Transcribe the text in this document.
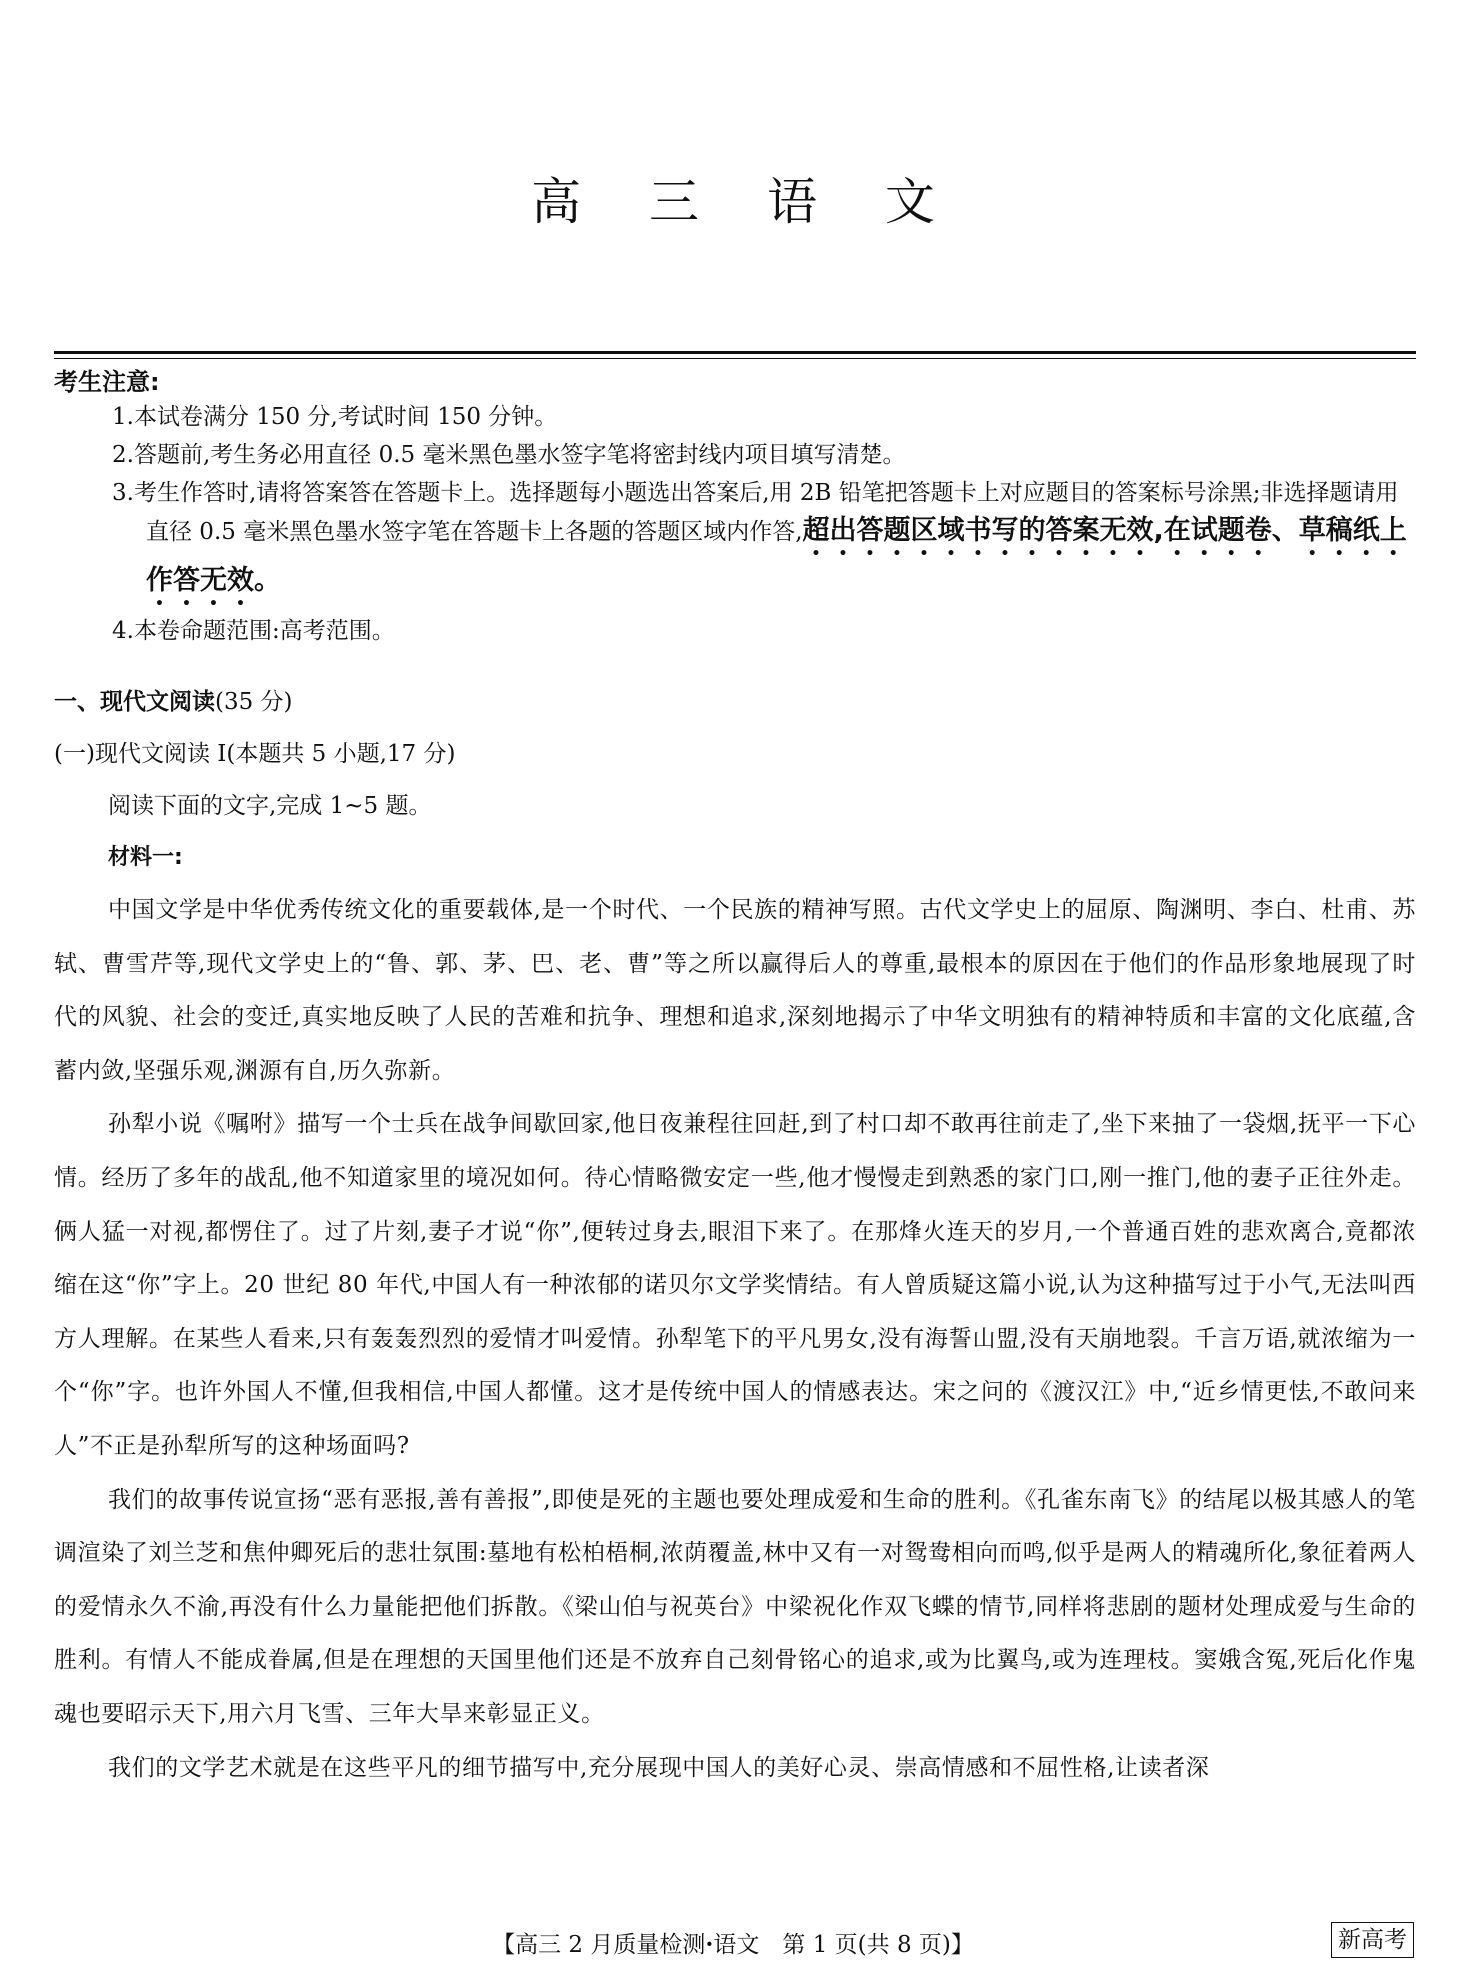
高 三 语 文

考生注意:

1.本试卷满分 150 分,考试时间 150 分钟。

2.答题前,考生务必用直径 0.5 毫米黑色墨水签字笔将密封线内项目填写清楚。

3.考生作答时,请将答案答在答题卡上。选择题每小题选出答案后,用 2B 铅笔把答题卡上对应题目的答案标号涂黑;非选择题请用直径 0.5 毫米黑色墨水签字笔在答题卡上各题的答题区域内作答,超出答题区域书写的答案无效,在试题卷、草稿纸上作答无效。

4.本卷命题范围:高考范围。

一、现代文阅读(35 分)

(一)现代文阅读 I(本题共 5 小题,17 分)

阅读下面的文字,完成 1~5 题。

材料一:

中国文学是中华优秀传统文化的重要载体,是一个时代、一个民族的精神写照。古代文学史上的屈原、陶渊明、李白、杜甫、苏轼、曹雪芹等,现代文学史上的“鲁、郭、茅、巴、老、曹”等之所以赢得后人的尊重,最根本的原因在于他们的作品形象地展现了时代的风貌、社会的变迁,真实地反映了人民的苦难和抗争、理想和追求,深刻地揭示了中华文明独有的精神特质和丰富的文化底蕴,含蓄内敛,坚强乐观,渊源有自,历久弥新。

孙犁小说《嘱咐》描写一个士兵在战争间歇回家,他日夜兼程往回赶,到了村口却不敢再往前走了,坐下来抽了一袋烟,抚平一下心情。经历了多年的战乱,他不知道家里的境况如何。待心情略微安定一些,他才慢慢走到熟悉的家门口,刚一推门,他的妻子正往外走。俩人猛一对视,都愣住了。过了片刻,妻子才说“你”,便转过身去,眼泪下来了。在那烽火连天的岁月,一个普通百姓的悲欢离合,竟都浓缩在这“你”字上。20 世纪 80 年代,中国人有一种浓郁的诺贝尔文学奖情结。有人曾质疑这篇小说,认为这种描写过于小气,无法叫西方人理解。在某些人看来,只有轰轰烈烈的爱情才叫爱情。孙犁笔下的平凡男女,没有海誓山盟,没有天崩地裂。千言万语,就浓缩为一个“你”字。也许外国人不懂,但我相信,中国人都懂。这才是传统中国人的情感表达。宋之问的《渡汉江》中,“近乡情更怯,不敢问来人”不正是孙犁所写的这种场面吗?

我们的故事传说宣扬“恶有恶报,善有善报”,即使是死的主题也要处理成爱和生命的胜利。《孔雀东南飞》的结尾以极其感人的笔调渲染了刘兰芝和焦仲卿死后的悲壮氛围:墓地有松柏梧桐,浓荫覆盖,林中又有一对鸳鸯相向而鸣,似乎是两人的精魂所化,象征着两人的爱情永久不渝,再没有什么力量能把他们拆散。《梁山伯与祝英台》中梁祝化作双飞蝶的情节,同样将悲剧的题材处理成爱与生命的胜利。有情人不能成眷属,但是在理想的天国里他们还是不放弃自己刻骨铭心的追求,或为比翼鸟,或为连理枝。窦娥含冤,死后化作鬼魂也要昭示天下,用六月飞雪、三年大旱来彰显正义。

我们的文学艺术就是在这些平凡的细节描写中,充分展现中国人的美好心灵、崇高情感和不屈性格,让读者深

【高三 2 月质量检测·语文　第 1 页(共 8 页)】	新高考
